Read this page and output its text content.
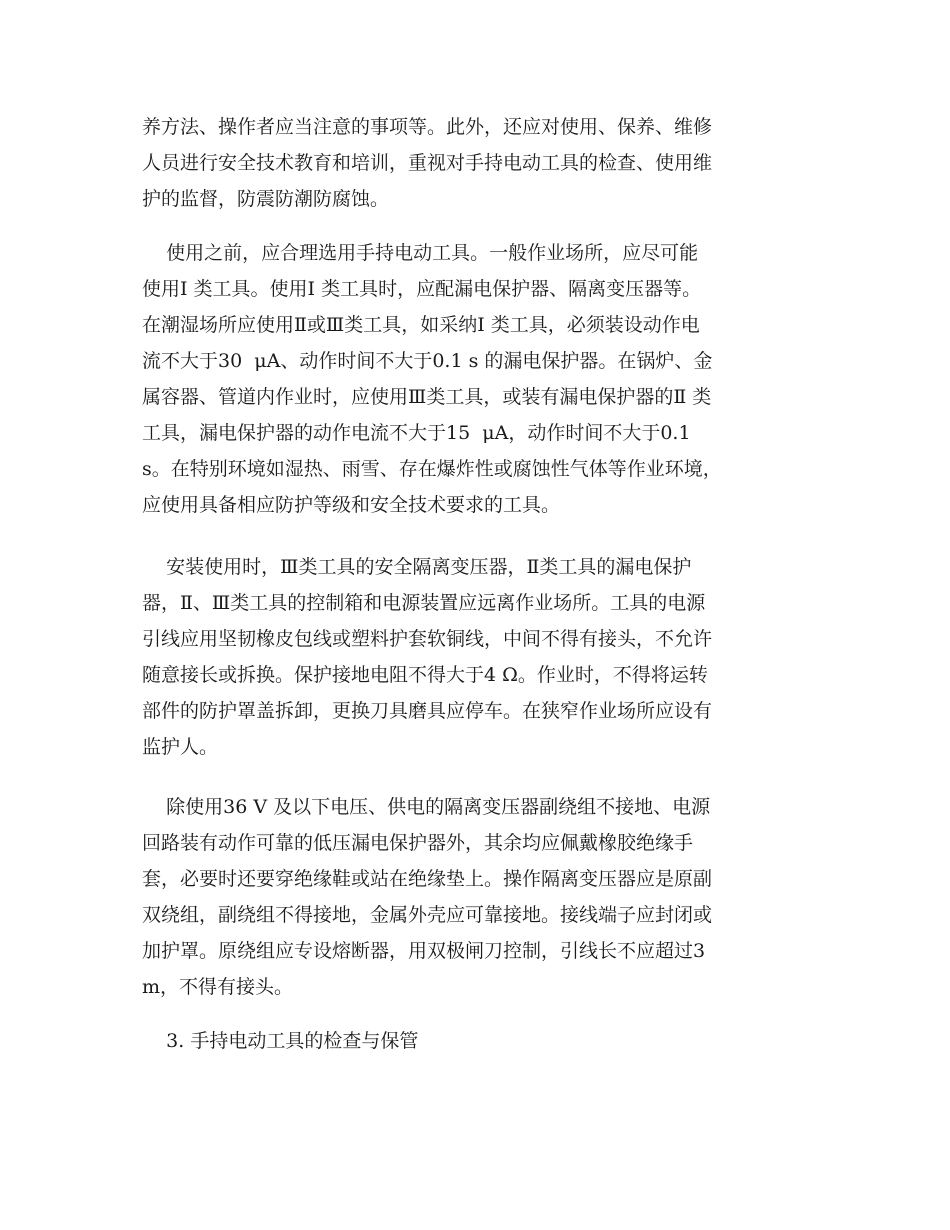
养方法、操作者应当注意的事项等。此外，还应对使用、保养、维修
人员进行安全技术教育和培训，重视对手持电动工具的检查、使用维
护的监督，防震防潮防腐蚀。
使用之前，应合理选用手持电动工具。一般作业场所，应尽可能
使用Ⅰ 类工具。使用Ⅰ 类工具时，应配漏电保护器、隔离变压器等。
在潮湿场所应使用Ⅱ或Ⅲ类工具，如采纳Ⅰ 类工具，必须装设动作电
流不大于30  μA、动作时间不大于0.1 s 的漏电保护器。在锅炉、金
属容器、管道内作业时，应使用Ⅲ类工具，或装有漏电保护器的Ⅱ 类
工具，漏电保护器的动作电流不大于15  μA，动作时间不大于0.1
s。在特别环境如湿热、雨雪、存在爆炸性或腐蚀性气体等作业环境，
应使用具备相应防护等级和安全技术要求的工具。
安装使用时，Ⅲ类工具的安全隔离变压器，Ⅱ类工具的漏电保护
器，Ⅱ、Ⅲ类工具的控制箱和电源装置应远离作业场所。工具的电源
引线应用坚韧橡皮包线或塑料护套软铜线，中间不得有接头，不允许
随意接长或拆换。保护接地电阻不得大于4 Ω。作业时，不得将运转
部件的防护罩盖拆卸，更换刀具磨具应停车。在狭窄作业场所应设有
监护人。
除使用36 V 及以下电压、供电的隔离变压器副绕组不接地、电源
回路装有动作可靠的低压漏电保护器外，其余均应佩戴橡胶绝缘手
套，必要时还要穿绝缘鞋或站在绝缘垫上。操作隔离变压器应是原副
双绕组，副绕组不得接地，金属外壳应可靠接地。接线端子应封闭或
加护罩。原绕组应专设熔断器，用双极闸刀控制，引线长不应超过3
m，不得有接头。
3. 手持电动工具的检查与保管
